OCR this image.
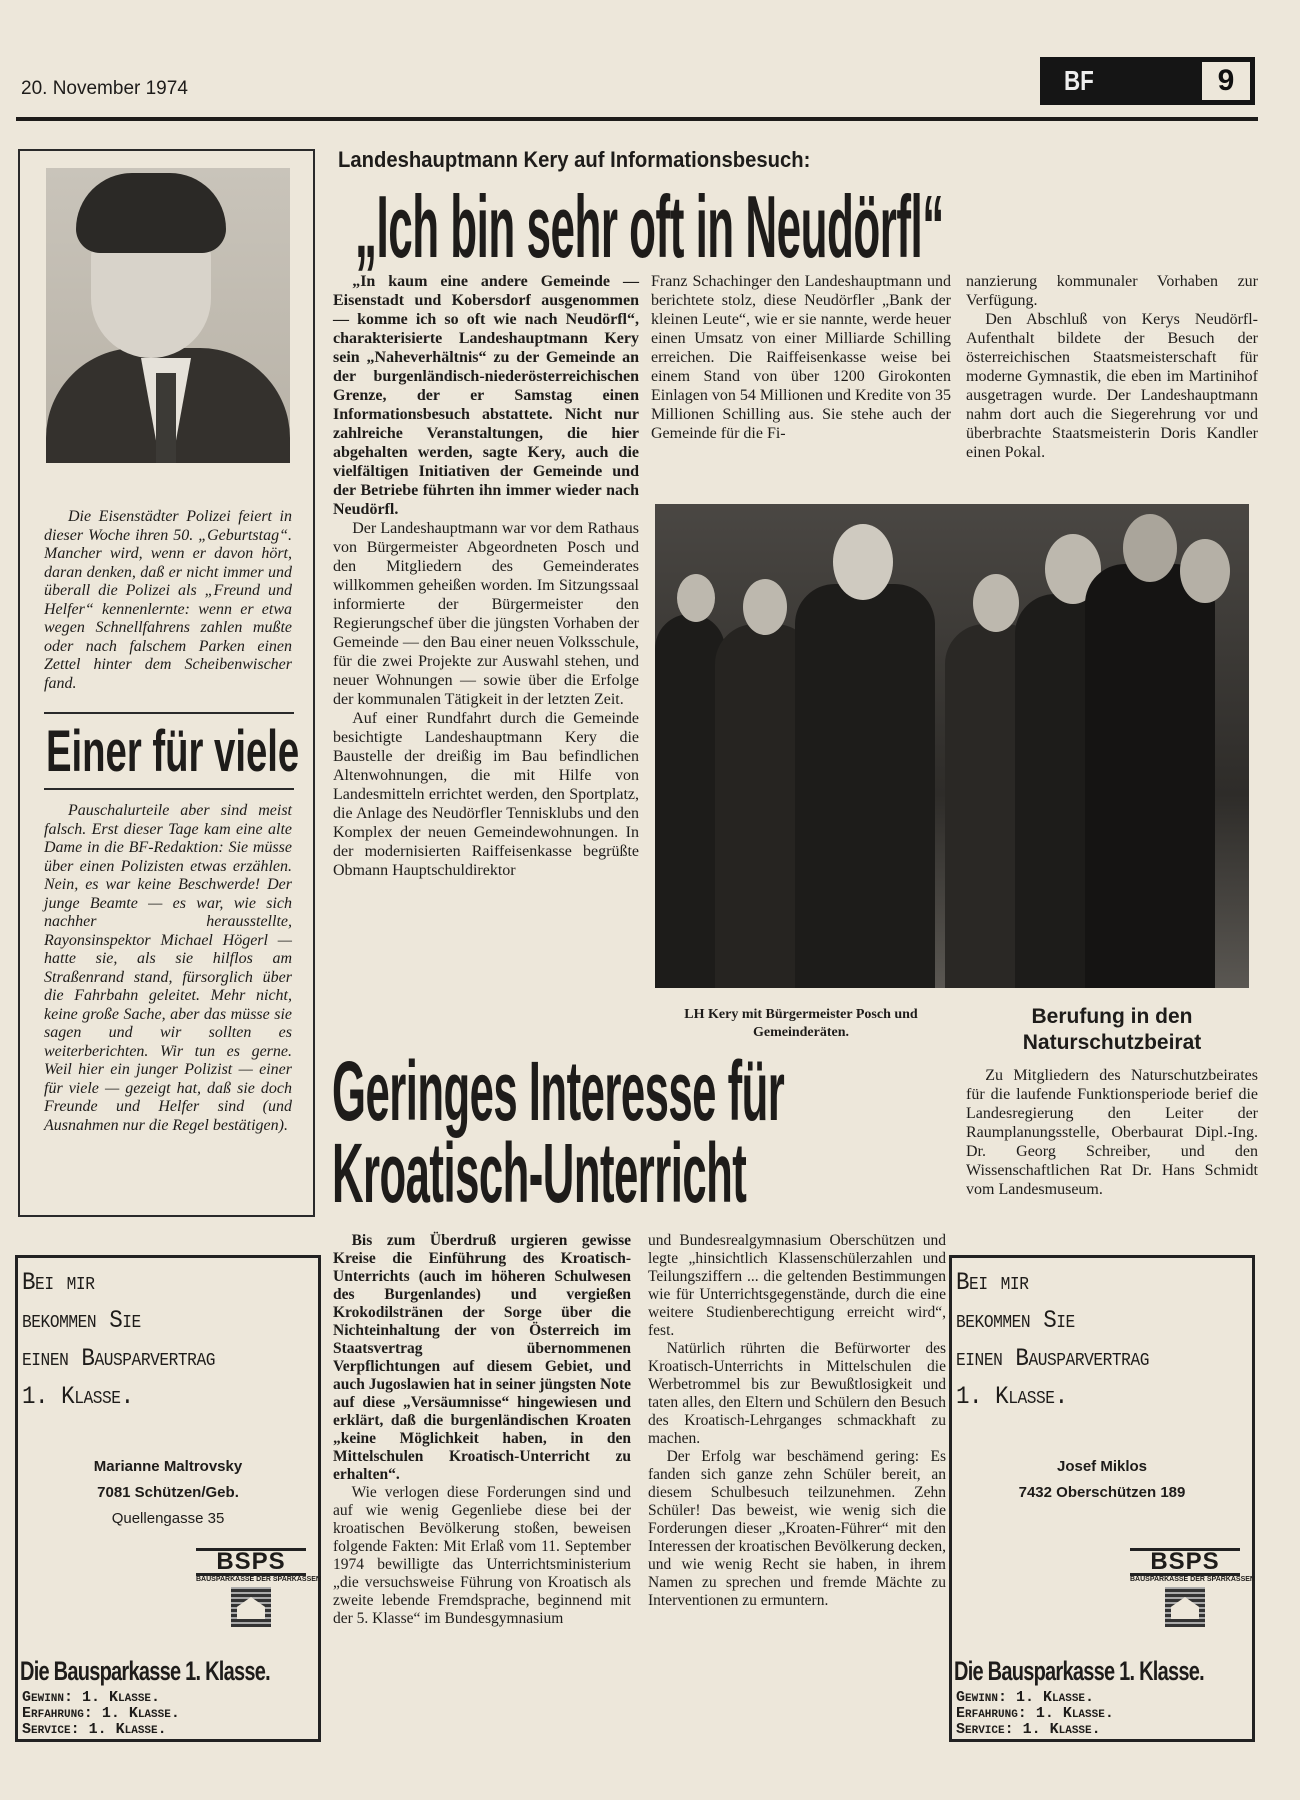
20. November 1974	BF	9

Die Eisenstädter Polizei feiert in dieser Woche ihren 50. „Geburtstag“. Mancher wird, wenn er davon hört, daran denken, daß er nicht immer und überall die Polizei als „Freund und Helfer“ kennenlernte: wenn er etwa wegen Schnellfahrens zahlen mußte oder nach falschem Parken einen Zettel hinter dem Scheibenwischer fand.

Einer für viele

Pauschalurteile aber sind meist falsch. Erst dieser Tage kam eine alte Dame in die BF-Redaktion: Sie müsse über einen Polizisten etwas erzählen. Nein, es war keine Beschwerde! Der junge Beamte — es war, wie sich nachher herausstellte, Rayonsinspektor Michael Högerl — hatte sie, als sie hilflos am Straßenrand stand, fürsorglich über die Fahrbahn geleitet. Mehr nicht, keine große Sache, aber das müsse sie sagen und wir sollten es weiterberichten. Wir tun es gerne. Weil hier ein junger Polizist — einer für viele — gezeigt hat, daß sie doch Freunde und Helfer sind (und Ausnahmen nur die Regel bestätigen).

Landeshauptmann Kery auf Informationsbesuch:
„Ich bin sehr oft in Neudörfl“

„In kaum eine andere Gemeinde — Eisenstadt und Kobersdorf ausgenommen — komme ich so oft wie nach Neudörfl“, charakterisierte Landeshauptmann Kery sein „Naheverhältnis“ zu der Gemeinde an der burgenländisch-niederösterreichischen Grenze, der er Samstag einen Informationsbesuch abstattete. Nicht nur zahlreiche Veranstaltungen, die hier abgehalten werden, sagte Kery, auch die vielfältigen Initiativen der Gemeinde und der Betriebe führten ihn immer wieder nach Neudörfl.

Der Landeshauptmann war vor dem Rathaus von Bürgermeister Abgeordneten Posch und den Mitgliedern des Gemeinderates willkommen geheißen worden. Im Sitzungssaal informierte der Bürgermeister den Regierungschef über die jüngsten Vorhaben der Gemeinde — den Bau einer neuen Volksschule, für die zwei Projekte zur Auswahl stehen, und neuer Wohnungen — sowie über die Erfolge der kommunalen Tätigkeit in der letzten Zeit.

Auf einer Rundfahrt durch die Gemeinde besichtigte Landeshauptmann Kery die Baustelle der dreißig im Bau befindlichen Altenwohnungen, die mit Hilfe von Landesmitteln errichtet werden, den Sportplatz, die Anlage des Neudörfler Tennisklubs und den Komplex der neuen Gemeindewohnungen. In der modernisierten Raiffeisenkasse begrüßte Obmann Hauptschuldirektor

Franz Schachinger den Landeshauptmann und berichtete stolz, diese Neudörfler „Bank der kleinen Leute“, wie er sie nannte, werde heuer einen Umsatz von einer Milliarde Schilling erreichen. Die Raiffeisenkasse weise bei einem Stand von über 1200 Girokonten Einlagen von 54 Millionen und Kredite von 35 Millionen Schilling aus. Sie stehe auch der Gemeinde für die Fi-

nanzierung kommunaler Vorhaben zur Verfügung.

Den Abschluß von Kerys Neudörfl-Aufenthalt bildete der Besuch der österreichischen Staatsmeisterschaft für moderne Gymnastik, die eben im Martinihof ausgetragen wurde. Der Landeshauptmann nahm dort auch die Siegerehrung vor und überbrachte Staatsmeisterin Doris Kandler einen Pokal.

LH Kery mit Bürgermeister Posch und Gemeinderäten.
Berufung in den Naturschutzbeirat

Zu Mitgliedern des Naturschutzbeirates für die laufende Funktionsperiode berief die Landesregierung den Leiter der Raumplanungsstelle, Oberbaurat Dipl.-Ing. Dr. Georg Schreiber, und den Wissenschaftlichen Rat Dr. Hans Schmidt vom Landesmuseum.

Geringes Interesse für
Kroatisch-Unterricht

Bis zum Überdruß urgieren gewisse Kreise die Einführung des Kroatisch-Unterrichts (auch im höheren Schulwesen des Burgenlandes) und vergießen Krokodilstränen der Sorge über die Nichteinhaltung der von Österreich im Staatsvertrag übernommenen Verpflichtungen auf diesem Gebiet, und auch Jugoslawien hat in seiner jüngsten Note auf diese „Versäumnisse“ hingewiesen und erklärt, daß die burgenländischen Kroaten „keine Möglichkeit haben, in den Mittelschulen Kroatisch-Unterricht zu erhalten“.

Wie verlogen diese Forderungen sind und auf wie wenig Gegenliebe diese bei der kroatischen Bevölkerung stoßen, beweisen folgende Fakten: Mit Erlaß vom 11. September 1974 bewilligte das Unterrichtsministerium „die versuchsweise Führung von Kroatisch als zweite lebende Fremdsprache, beginnend mit der 5. Klasse“ im Bundesgymnasium

und Bundesrealgymnasium Oberschützen und legte „hinsichtlich Klassenschülerzahlen und Teilungsziffern ... die geltenden Bestimmungen wie für Unterrichtsgegenstände, durch die eine weitere Studienberechtigung erreicht wird“, fest.

Natürlich rührten die Befürworter des Kroatisch-Unterrichts in Mittelschulen die Werbetrommel bis zur Bewußtlosigkeit und taten alles, den Eltern und Schülern den Besuch des Kroatisch-Lehrganges schmackhaft zu machen.

Der Erfolg war beschämend gering: Es fanden sich ganze zehn Schüler bereit, an diesem Schulbesuch teilzunehmen. Zehn Schüler! Das beweist, wie wenig sich die Forderungen dieser „Kroaten-Führer“ mit den Interessen der kroatischen Bevölkerung decken, und wie wenig Recht sie haben, in ihrem Namen zu sprechen und fremde Mächte zu Interventionen zu ermuntern.

Bei mir
bekommen Sie
einen Bausparvertrag
1. Klasse.
Marianne Maltrovsky
7081 Schützen/Geb.
Quellengasse 35
BSPS
BAUSPARKASSE DER SPARKASSEN
Die Bausparkasse 1. Klasse.
Gewinn: 1. Klasse.
Erfahrung: 1. Klasse.
Service: 1. Klasse.
Bei mir
bekommen Sie
einen Bausparvertrag
1. Klasse.
Josef Miklos
7432 Oberschützen 189
BSPS
BAUSPARKASSE DER SPARKASSEN
Die Bausparkasse 1. Klasse.
Gewinn: 1. Klasse.
Erfahrung: 1. Klasse.
Service: 1. Klasse.
